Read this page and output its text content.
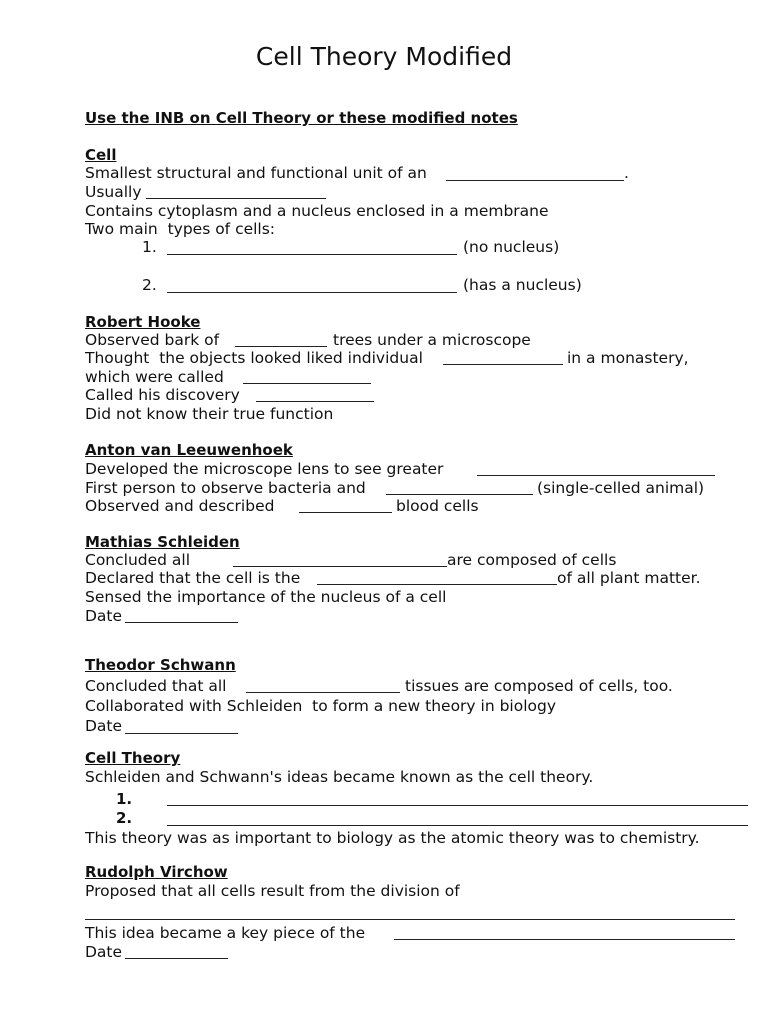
Cell Theory Modified
Use the INB on Cell Theory or these modified notes
Cell
Smallest structural and functional unit of an	.
Usually
Contains cytoplasm and a nucleus enclosed in a membrane
Two main  types of cells:
1.	(no nucleus)
2.	(has a nucleus)
Robert Hooke
Observed bark of	trees under a microscope
Thought  the objects looked liked individual	in a monastery,
which were called
Called his discovery
Did not know their true function
Anton van Leeuwenhoek
Developed the microscope lens to see greater
First person to observe bacteria and	(single-celled animal)
Observed and described	blood cells
Mathias Schleiden
Concluded all	are composed of cells
Declared that the cell is the	of all plant matter.
Sensed the importance of the nucleus of a cell
Date
Theodor Schwann
Concluded that all	tissues are composed of cells, too.
Collaborated with Schleiden  to form a new theory in biology
Date
Cell Theory
Schleiden and Schwann's ideas became known as the cell theory.
1.
2.
This theory was as important to biology as the atomic theory was to chemistry.
Rudolph Virchow
Proposed that all cells result from the division of
This idea became a key piece of the
Date
